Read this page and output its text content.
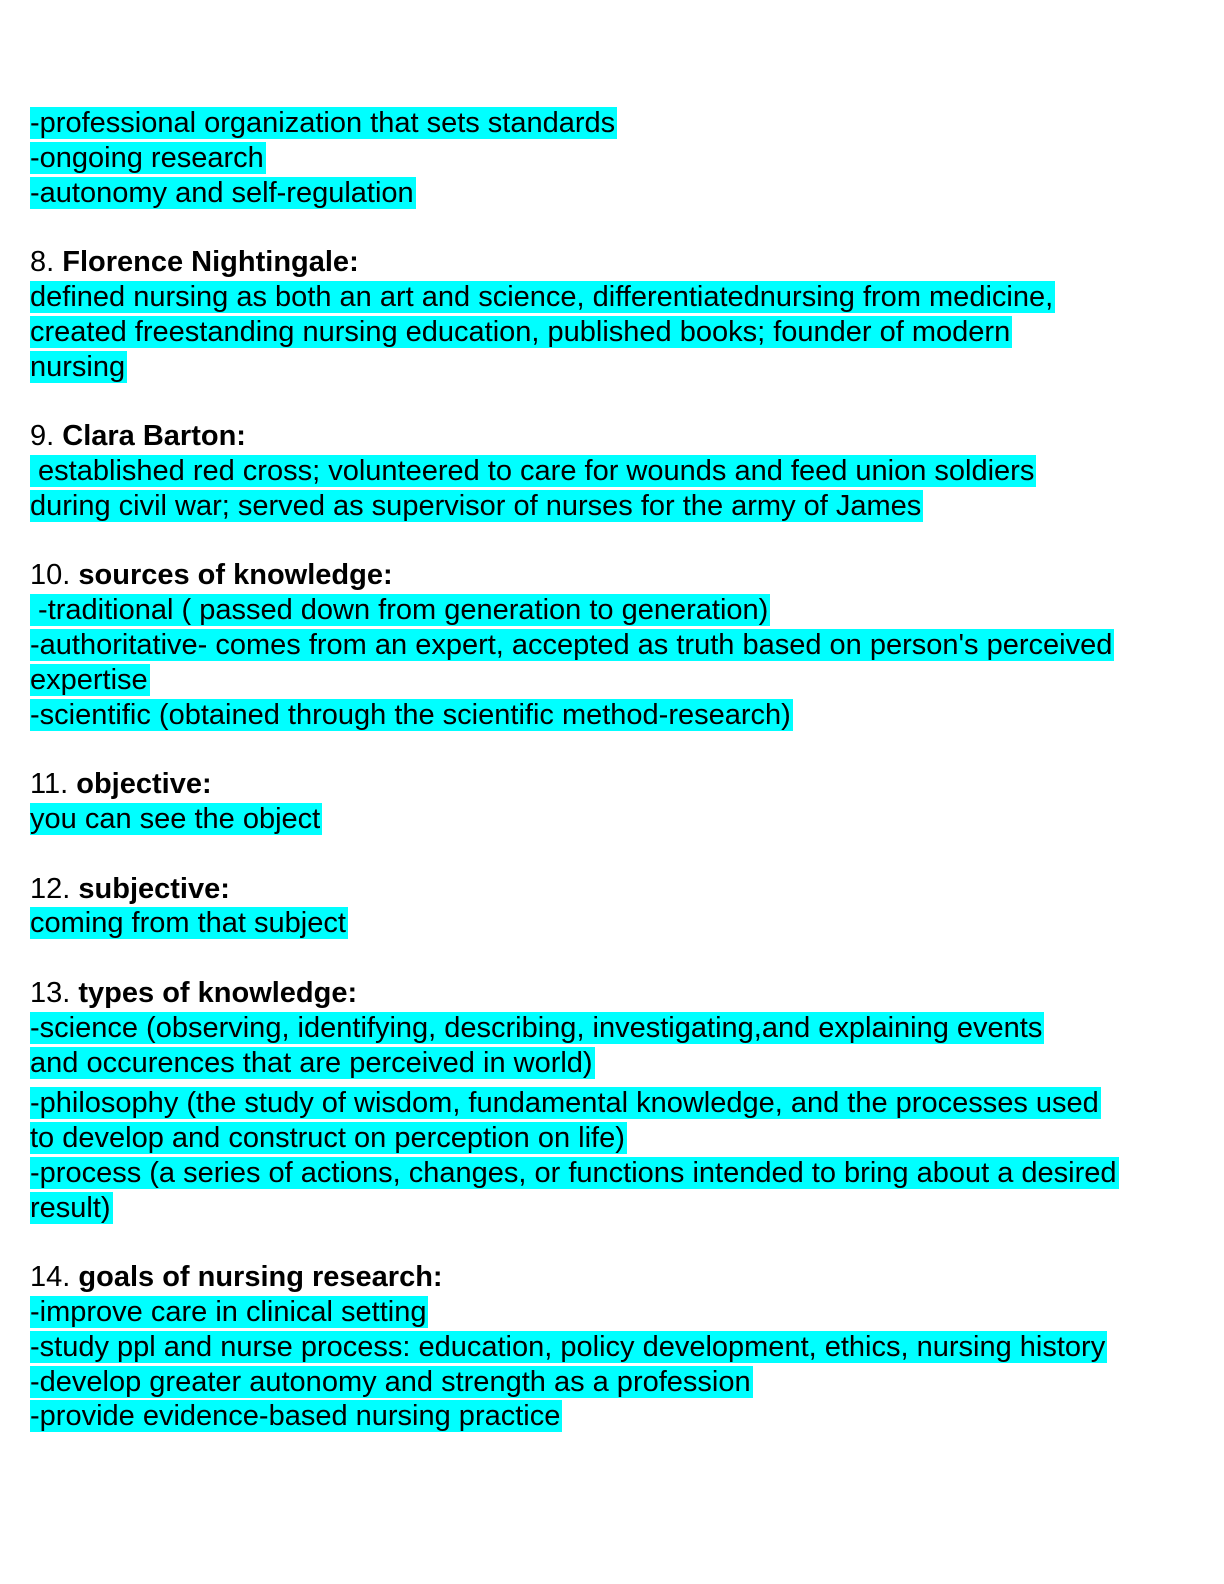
-professional organization that sets standards
-ongoing research
-autonomy and self-regulation
8. Florence Nightingale:
defined nursing as both an art and science, differentiatednursing from medicine,
created freestanding nursing education, published books; founder of modern
nursing
9. Clara Barton:
established red cross; volunteered to care for wounds and feed union soldiers
during civil war; served as supervisor of nurses for the army of James
10. sources of knowledge:
-traditional ( passed down from generation to generation)
-authoritative- comes from an expert, accepted as truth based on person's perceived
expertise
-scientific (obtained through the scientific method-research)
11. objective:
you can see the object
12. subjective:
coming from that subject
13. types of knowledge:
-science (observing, identifying, describing, investigating,and explaining events
and occurences that are perceived in world)
-philosophy (the study of wisdom, fundamental knowledge, and the processes used
to develop and construct on perception on life)
-process (a series of actions, changes, or functions intended to bring about a desired
result)
14. goals of nursing research:
-improve care in clinical setting
-study ppl and nurse process: education, policy development, ethics, nursing history
-develop greater autonomy and strength as a profession
-provide evidence-based nursing practice
